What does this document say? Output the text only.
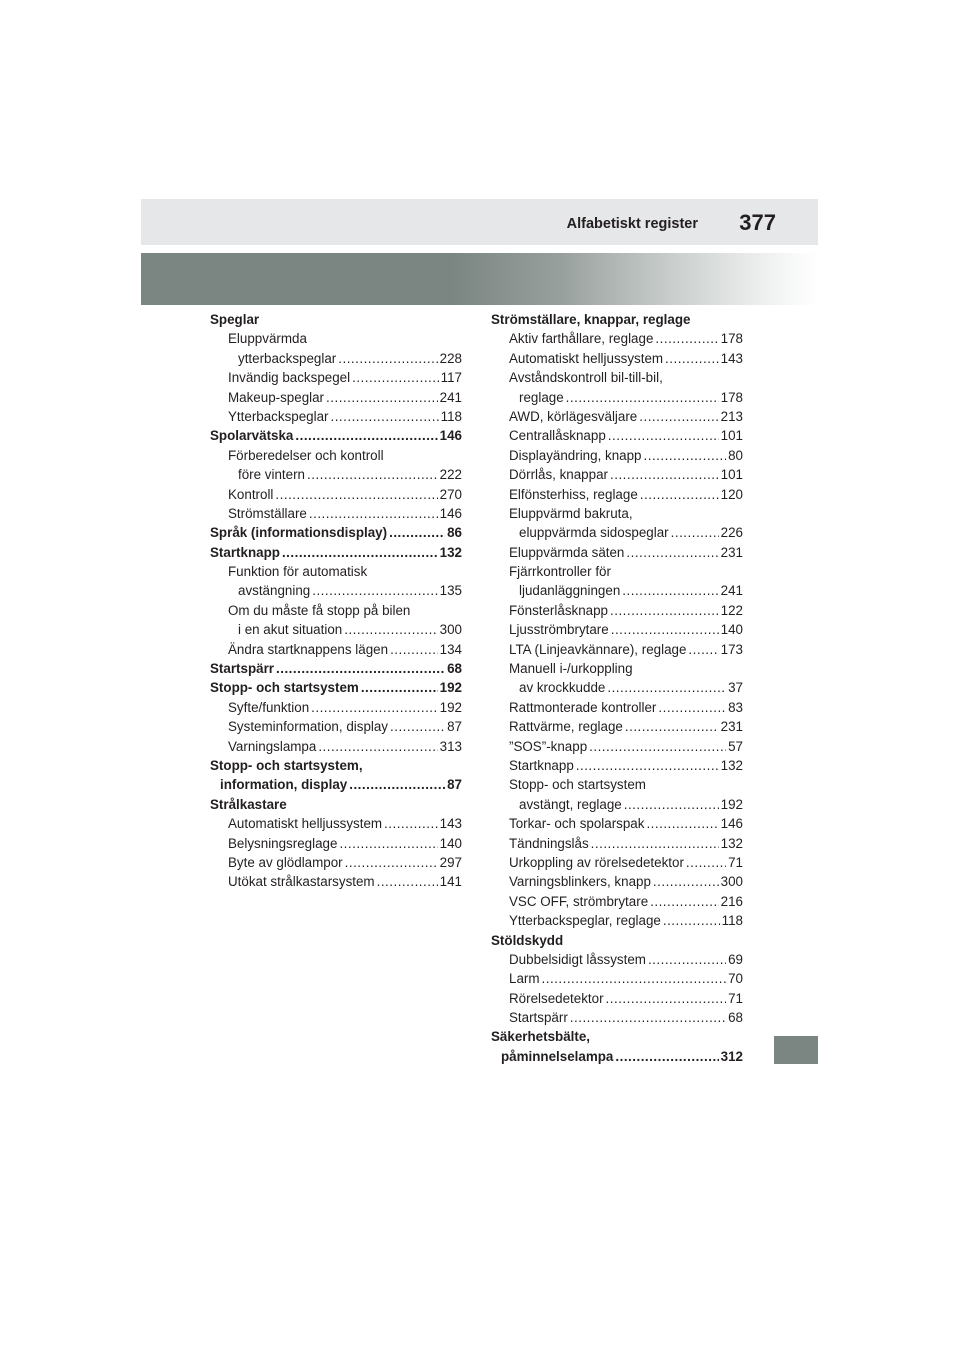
Alfabetiskt register 377
Speglar
Eluppvärmda
ytterbackspeglar .....	228
Invändig backspegel .....	117
Makeup-speglar .....	241
Ytterbackspeglar .....	118
Spolarvätska .....	146
Förberedelser och kontroll
före vintern .....	222
Kontroll .....	270
Strömställare .....	146
Språk (informationsdisplay) .....	86
Startknapp .....	132
Funktion för automatisk
avstängning .....	135
Om du måste få stopp på bilen
i en akut situation .....	300
Ändra startknappens lägen .....	134
Startspärr .....	68
Stopp- och startsystem .....	192
Syfte/funktion .....	192
Systeminformation, display .....	87
Varningslampa .....	313
Stopp- och startsystem,
information, display .....	87
Strålkastare
Automatiskt helljussystem .....	143
Belysningsreglage .....	140
Byte av glödlampor .....	297
Utökat strålkastarsystem .....	141
Strömställare, knappar, reglage
Aktiv farthållare, reglage .....	178
Automatiskt helljussystem .....	143
Avståndskontroll bil-till-bil,
reglage .....	178
AWD, körlägesväljare .....	213
Centrallåsknapp .....	101
Displayändring, knapp .....	80
Dörrlås, knappar .....	101
Elfönsterhiss, reglage .....	120
Eluppvärmd bakruta,
eluppvärmda sidospeglar .....	226
Eluppvärmda säten .....	231
Fjärrkontroller för
ljudanläggningen .....	241
Fönsterlåsknapp .....	122
Ljusströmbrytare .....	140
LTA (Linjeavkännare), reglage .....	173
Manuell i-/urkoppling
av krockkudde .....	37
Rattmonterade kontroller .....	83
Rattvärme, reglage .....	231
”SOS”-knapp .....	57
Startknapp .....	132
Stopp- och startsystem
avstängt, reglage .....	192
Torkar- och spolarspak .....	146
Tändningslås .....	132
Urkoppling av rörelsedetektor .....	71
Varningsblinkers, knapp .....	300
VSC OFF, strömbrytare .....	216
Ytterbackspeglar, reglage .....	118
Stöldskydd
Dubbelsidigt låssystem .....	69
Larm .....	70
Rörelsedetektor .....	71
Startspärr .....	68
Säkerhetsbälte,
påminnelselampa .....	312
